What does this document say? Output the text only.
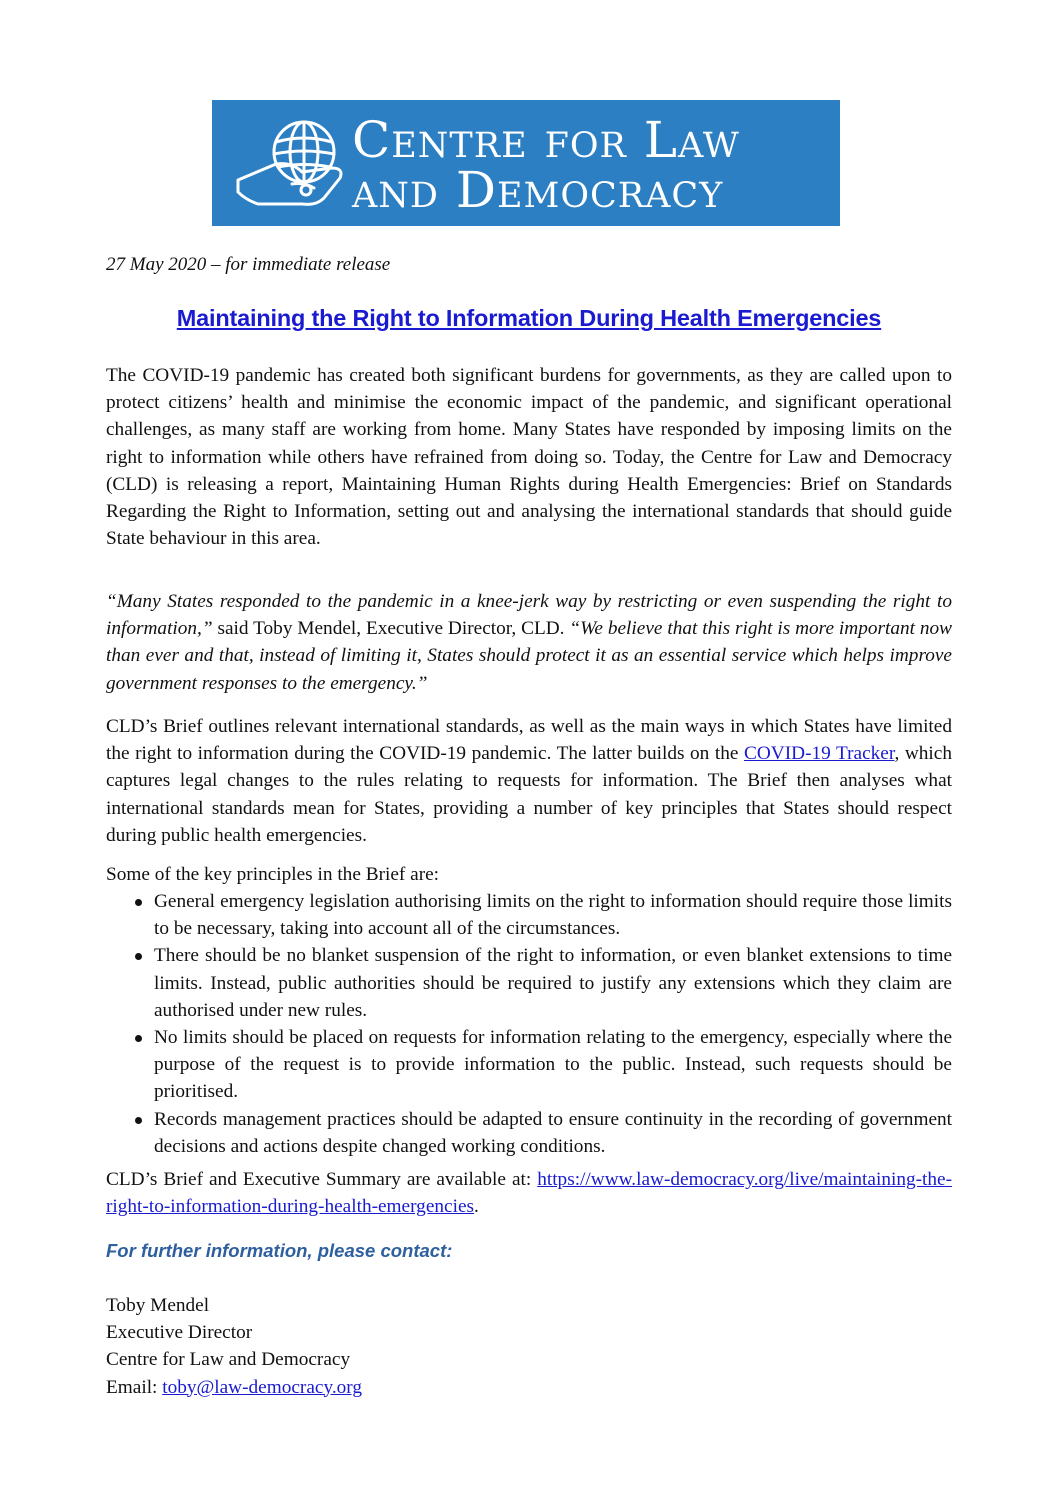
Centre for Law
and Democracy
27 May 2020 – for immediate release
Maintaining the Right to Information During Health Emergencies
The COVID-19 pandemic has created both significant burdens for governments, as they are called upon to protect citizens’ health and minimise the economic impact of the pandemic, and significant operational challenges, as many staff are working from home. Many States have responded by imposing limits on the right to information while others have refrained from doing so. Today, the Centre for Law and Democracy (CLD) is releasing a report, Maintaining Human Rights during Health Emergencies: Brief on Standards Regarding the Right to Information, setting out and analysing the international standards that should guide State behaviour in this area.
“Many States responded to the pandemic in a knee-jerk way by restricting or even suspending the right to information,” said Toby Mendel, Executive Director, CLD. “We believe that this right is more important now than ever and that, instead of limiting it, States should protect it as an essential service which helps improve government responses to the emergency.”
CLD’s Brief outlines relevant international standards, as well as the main ways in which States have limited the right to information during the COVID-19 pandemic. The latter builds on the COVID-19 Tracker, which captures legal changes to the rules relating to requests for information. The Brief then analyses what international standards mean for States, providing a number of key principles that States should respect during public health emergencies.
Some of the key principles in the Brief are:
General emergency legislation authorising limits on the right to information should require those limits to be necessary, taking into account all of the circumstances.
There should be no blanket suspension of the right to information, or even blanket extensions to time limits. Instead, public authorities should be required to justify any extensions which they claim are authorised under new rules.
No limits should be placed on requests for information relating to the emergency, especially where the purpose of the request is to provide information to the public. Instead, such requests should be prioritised.
Records management practices should be adapted to ensure continuity in the recording of government decisions and actions despite changed working conditions.
CLD’s Brief and Executive Summary are available at: https://www.law-democracy.org/live/maintaining-the-right-to-information-during-health-emergencies.
For further information, please contact:
Toby Mendel
Executive Director
Centre for Law and Democracy
Email: toby@law-democracy.org
